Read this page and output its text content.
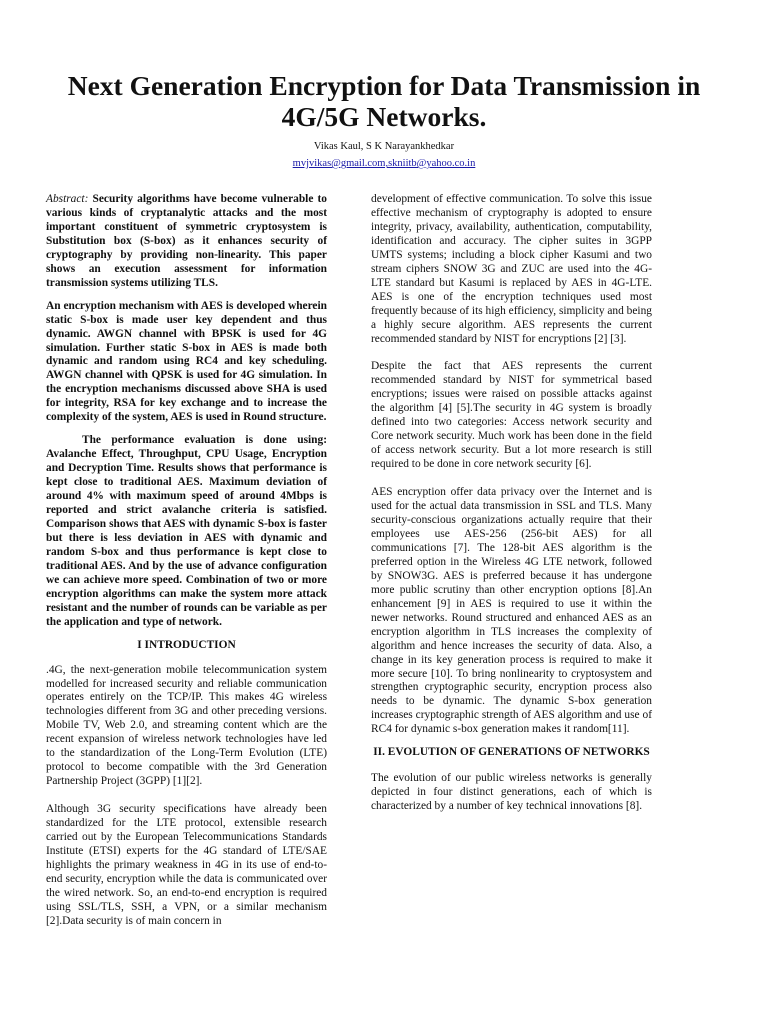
Next Generation Encryption for Data Transmission in 4G/5G Networks.
Vikas Kaul, S K Narayankhedkar
mvjvikas@gmail.com,skniitb@yahoo.co.in

Abstract: Security algorithms have become vulnerable to various kinds of cryptanalytic attacks and the most important constituent of symmetric cryptosystem is Substitution box (S-box) as it enhances security of cryptography by providing non-linearity. This paper shows an execution assessment for information transmission systems utilizing TLS.

An encryption mechanism with AES is developed wherein static S-box is made user key dependent and thus dynamic. AWGN channel with BPSK is used for 4G simulation. Further static S-box in AES is made both dynamic and random using RC4 and key scheduling. AWGN channel with QPSK is used for 4G simulation. In the encryption mechanisms discussed above SHA is used for integrity, RSA for key exchange and to increase the complexity of the system, AES is used in Round structure.

The performance evaluation is done using: Avalanche Effect, Throughput, CPU Usage, Encryption and Decryption Time. Results shows that performance is kept close to traditional AES. Maximum deviation of around 4% with maximum speed of around 4Mbps is reported and strict avalanche criteria is satisfied. Comparison shows that AES with dynamic S-box is faster but there is less deviation in AES with dynamic and random S-box and thus performance is kept close to traditional AES. And by the use of advance configuration we can achieve more speed. Combination of two or more encryption algorithms can make the system more attack resistant and the number of rounds can be variable as per the application and type of network.

I INTRODUCTION

.4G, the next-generation mobile telecommunication system modelled for increased security and reliable communication operates entirely on the TCP/IP. This makes 4G wireless technologies different from 3G and other preceding versions. Mobile TV, Web 2.0, and streaming content which are the recent expansion of wireless network technologies have led to the standardization of the Long-Term Evolution (LTE) protocol to become compatible with the 3rd Generation Partnership Project (3GPP) [1][2].

Although 3G security specifications have already been standardized for the LTE protocol, extensible research carried out by the European Telecommunications Standards Institute (ETSI) experts for the 4G standard of LTE/SAE highlights the primary weakness in 4G in its use of end-to-end security, encryption while the data is communicated over the wired network. So, an end-to-end encryption is required using SSL/TLS, SSH, a VPN, or a similar mechanism [2].Data security is of main concern in

development of effective communication. To solve this issue effective mechanism of cryptography is adopted to ensure integrity, privacy, availability, authentication, computability, identification and accuracy. The cipher suites in 3GPP UMTS systems; including a block cipher Kasumi and two stream ciphers SNOW 3G and ZUC are used into the 4G-LTE standard but Kasumi is replaced by AES in 4G-LTE. AES is one of the encryption techniques used most frequently because of its high efficiency, simplicity and being a highly secure algorithm. AES represents the current recommended standard by NIST for encryptions [2] [3].

Despite the fact that AES represents the current recommended standard by NIST for symmetrical based encryptions; issues were raised on possible attacks against the algorithm [4] [5].The security in 4G system is broadly defined into two categories: Access network security and Core network security. Much work has been done in the field of access network security. But a lot more research is still required to be done in core network security [6].

AES encryption offer data privacy over the Internet and is used for the actual data transmission in SSL and TLS. Many security-conscious organizations actually require that their employees use AES-256 (256-bit AES) for all communications [7]. The 128-bit AES algorithm is the preferred option in the Wireless 4G LTE network, followed by SNOW3G. AES is preferred because it has undergone more public scrutiny than other encryption options [8].An enhancement [9] in AES is required to use it within the newer networks. Round structured and enhanced AES as an encryption algorithm in TLS increases the complexity of algorithm and hence increases the security of data. Also, a change in its key generation process is required to make it more secure [10]. To bring nonlinearity to cryptosystem and strengthen cryptographic security, encryption process also needs to be dynamic. The dynamic S-box generation increases cryptographic strength of AES algorithm and use of RC4 for dynamic s-box generation makes it random[11].

II. EVOLUTION OF GENERATIONS OF NETWORKS

The evolution of our public wireless networks is generally depicted in four distinct generations, each of which is characterized by a number of key technical innovations [8].
